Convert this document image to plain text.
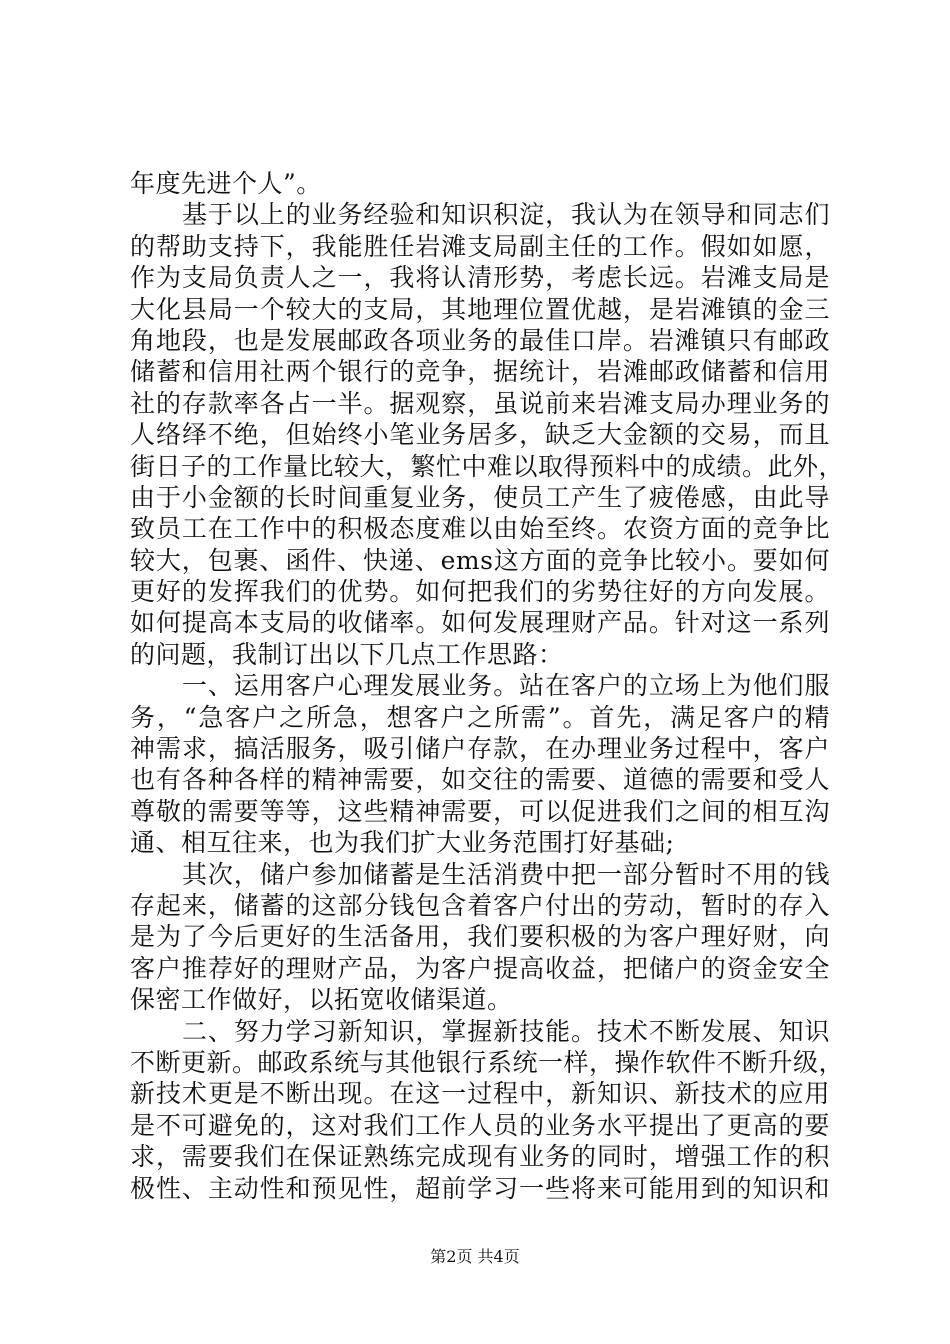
年度先进个人”。
基于以上的业务经验和知识积淀，我认为在领导和同志们
的帮助支持下，我能胜任岩滩支局副主任的工作。假如如愿，
作为支局负责人之一，我将认清形势，考虑长远。岩滩支局是
大化县局一个较大的支局，其地理位置优越，是岩滩镇的金三
角地段，也是发展邮政各项业务的最佳口岸。岩滩镇只有邮政
储蓄和信用社两个银行的竞争，据统计，岩滩邮政储蓄和信用
社的存款率各占一半。据观察，虽说前来岩滩支局办理业务的
人络绎不绝，但始终小笔业务居多，缺乏大金额的交易，而且
街日子的工作量比较大，繁忙中难以取得预料中的成绩。此外，
由于小金额的长时间重复业务，使员工产生了疲倦感，由此导
致员工在工作中的积极态度难以由始至终。农资方面的竞争比
较大，包裹、函件、快递、ems这方面的竞争比较小。要如何
更好的发挥我们的优势。如何把我们的劣势往好的方向发展。
如何提高本支局的收储率。如何发展理财产品。针对这一系列
的问题，我制订出以下几点工作思路：
一、运用客户心理发展业务。站在客户的立场上为他们服
务，“急客户之所急，想客户之所需”。首先，满足客户的精
神需求，搞活服务，吸引储户存款，在办理业务过程中，客户
也有各种各样的精神需要，如交往的需要、道德的需要和受人
尊敬的需要等等，这些精神需要，可以促进我们之间的相互沟
通、相互往来，也为我们扩大业务范围打好基础;
其次，储户参加储蓄是生活消费中把一部分暂时不用的钱
存起来，储蓄的这部分钱包含着客户付出的劳动，暂时的存入
是为了今后更好的生活备用，我们要积极的为客户理好财，向
客户推荐好的理财产品，为客户提高收益，把储户的资金安全
保密工作做好，以拓宽收储渠道。
二、努力学习新知识，掌握新技能。技术不断发展、知识
不断更新。邮政系统与其他银行系统一样，操作软件不断升级，
新技术更是不断出现。在这一过程中，新知识、新技术的应用
是不可避免的，这对我们工作人员的业务水平提出了更高的要
求，需要我们在保证熟练完成现有业务的同时，增强工作的积
极性、主动性和预见性，超前学习一些将来可能用到的知识和
第2页 共4页
